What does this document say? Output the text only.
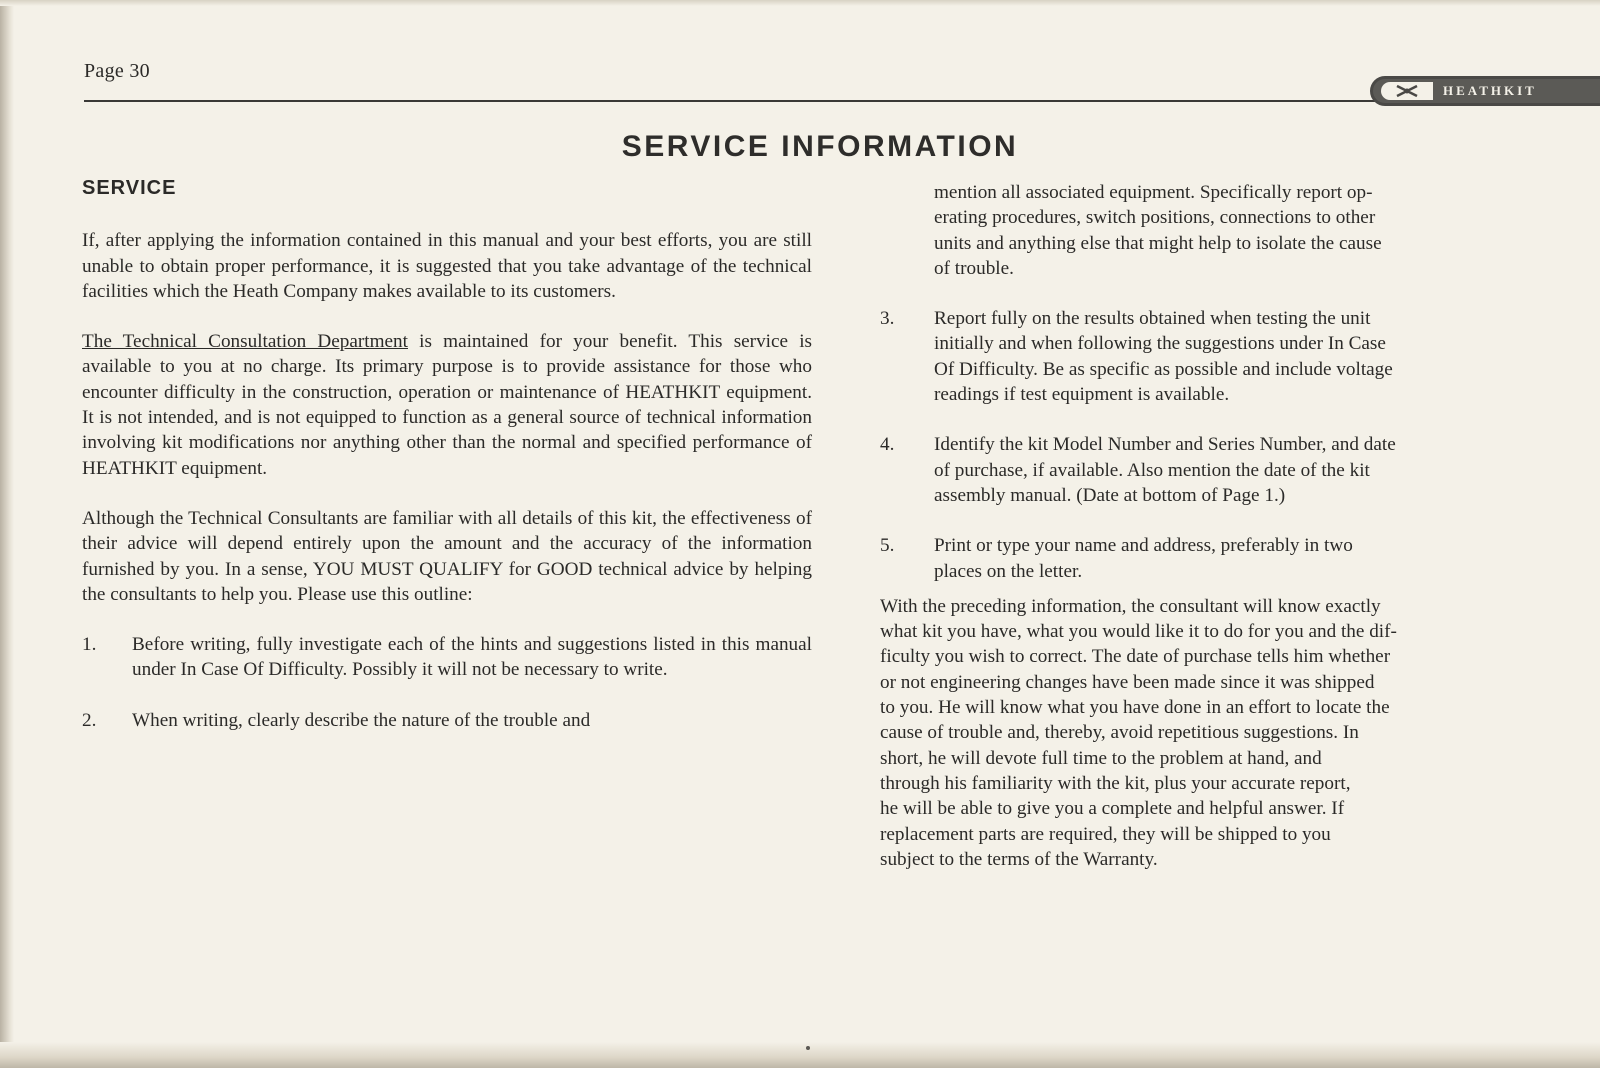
Page 30
HEATHKIT
SERVICE INFORMATION
SERVICE

If, after applying the information contained in this manual and your best efforts, you are still unable to obtain proper performance, it is suggested that you take advantage of the technical facilities which the Heath Company makes available to its customers.

The Technical Consultation Department is maintained for your benefit. This service is available to you at no charge. Its primary purpose is to provide assistance for those who encounter difficulty in the construction, operation or maintenance of HEATHKIT equipment. It is not intended, and is not equipped to function as a general source of technical information involving kit modifications nor anything other than the normal and specified performance of HEATHKIT equipment.

Although the Technical Consultants are familiar with all details of this kit, the effectiveness of their advice will depend entirely upon the amount and the accuracy of the information furnished by you. In a sense, YOU MUST QUALIFY for GOOD technical advice by helping the consultants to help you. Please use this outline:

1.	Before writing, fully investigate each of the hints and suggestions listed in this manual under In Case Of Difficulty. Possibly it will not be necessary to write.
2.	When writing, clearly describe the nature of the trouble and
mention all associated equipment. Specifically report op-
erating procedures, switch positions, connections to other
units and anything else that might help to isolate the cause
of trouble.
3.	Report fully on the results obtained when testing the unit
initially and when following the suggestions under In Case
Of Difficulty. Be as specific as possible and include voltage
readings if test equipment is available.
4.	Identify the kit Model Number and Series Number, and date
of purchase, if available. Also mention the date of the kit
assembly manual. (Date at bottom of Page 1.)
5.	Print or type your name and address, preferably in two
places on the letter.
With the preceding information, the consultant will know exactly
what kit you have, what you would like it to do for you and the dif-
ficulty you wish to correct. The date of purchase tells him whether
or not engineering changes have been made since it was shipped
to you. He will know what you have done in an effort to locate the
cause of trouble and, thereby, avoid repetitious suggestions. In
short, he will devote full time to the problem at hand, and
through his familiarity with the kit, plus your accurate report,
he will be able to give you a complete and helpful answer. If
replacement parts are required, they will be shipped to you
subject to the terms of the Warranty.
